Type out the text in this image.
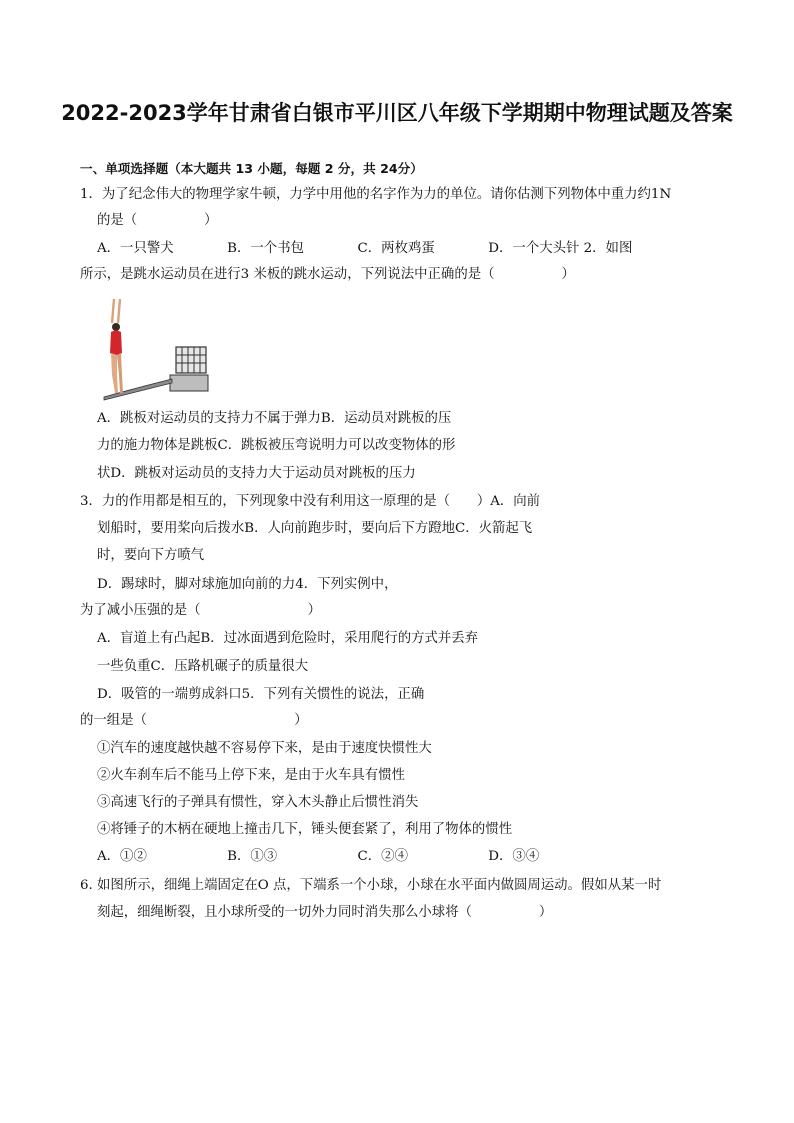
2022-2023学年甘肃省白银市平川区八年级下学期期中物理试题及答案
一、单项选择题（本大题共 13 小题，每题 2 分，共 24分）
1．为了纪念伟大的物理学家牛顿，力学中用他的名字作为力的单位。请你估测下列物体中重力约1N
的是（　　　　　）
A．一只警犬　　　　B．一个书包　　　　C．两枚鸡蛋　　　　D．一个大头针 2．如图
所示，是跳水运动员在进行3 米板的跳水运动，下列说法中正确的是（　　　　　）
A．跳板对运动员的支持力不属于弹力B．运动员对跳板的压
力的施力物体是跳板C．跳板被压弯说明力可以改变物体的形
状D．跳板对运动员的支持力大于运动员对跳板的压力
3．力的作用都是相互的，下列现象中没有利用这一原理的是（　　）A．向前
划船时，要用桨向后拨水B．人向前跑步时，要向后下方蹬地C．火箭起飞
时，要向下方喷气
D．踢球时，脚对球施加向前的力4．下列实例中，
为了减小压强的是（　　　　　　　　）
A．盲道上有凸起B．过冰面遇到危险时，采用爬行的方式并丢弃
一些负重C．压路机碾子的质量很大
D．吸管的一端剪成斜口5．下列有关惯性的说法，正确
的一组是（　　　　　　　　　　　）
①汽车的速度越快越不容易停下来，是由于速度快惯性大
②火车刹车后不能马上停下来，是由于火车具有惯性
③高速飞行的子弹具有惯性，穿入木头静止后惯性消失
④将锤子的木柄在硬地上撞击几下，锤头便套紧了，利用了物体的惯性
A．①②　　　　　　B．①③　　　　　　C．②④　　　　　　D．③④
6. 如图所示，细绳上端固定在O 点，下端系一个小球，小球在水平面内做圆周运动。假如从某一时
刻起，细绳断裂，且小球所受的一切外力同时消失那么小球将（　　　　　）
